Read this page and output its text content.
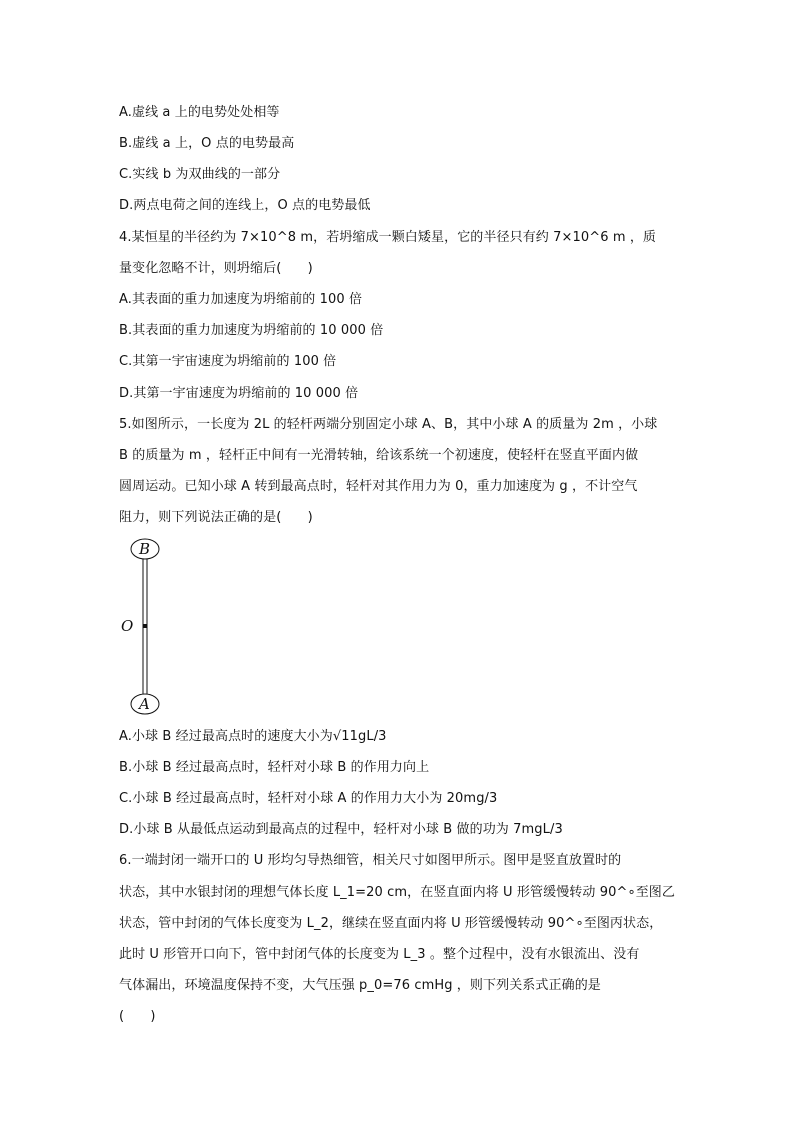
A.虚线 a 上的电势处处相等
B.虚线 a 上，O 点的电势最高
C.实线 b 为双曲线的一部分
D.两点电荷之间的连线上，O 点的电势最低
4.某恒星的半径约为 7×10^8 m，若坍缩成一颗白矮星，它的半径只有约 7×10^6 m ，质
量变化忽略不计，则坍缩后(　　)
A.其表面的重力加速度为坍缩前的 100 倍
B.其表面的重力加速度为坍缩前的 10 000 倍
C.其第一宇宙速度为坍缩前的 100 倍
D.其第一宇宙速度为坍缩前的 10 000 倍
5.如图所示，一长度为 2L 的轻杆两端分别固定小球 A、B，其中小球 A 的质量为 2m ，小球
B 的质量为 m ，轻杆正中间有一光滑转轴，给该系统一个初速度，使轻杆在竖直平面内做
圆周运动。已知小球 A 转到最高点时，轻杆对其作用力为 0，重力加速度为 g ，不计空气
阻力，则下列说法正确的是(　　)
B
O
A
A.小球 B 经过最高点时的速度大小为√11gL/3
B.小球 B 经过最高点时，轻杆对小球 B 的作用力向上
C.小球 B 经过最高点时，轻杆对小球 A 的作用力大小为 20mg/3
D.小球 B 从最低点运动到最高点的过程中，轻杆对小球 B 做的功为 7mgL/3
6.一端封闭一端开口的 U 形均匀导热细管，相关尺寸如图甲所示。图甲是竖直放置时的
状态，其中水银封闭的理想气体长度 L_1=20 cm，在竖直面内将 U 形管缓慢转动 90^∘至图乙
状态，管中封闭的气体长度变为 L_2，继续在竖直面内将 U 形管缓慢转动 90^∘至图丙状态，
此时 U 形管开口向下，管中封闭气体的长度变为 L_3 。整个过程中，没有水银流出、没有
气体漏出，环境温度保持不变，大气压强 p_0=76 cmHg ，则下列关系式正确的是
(　　)
